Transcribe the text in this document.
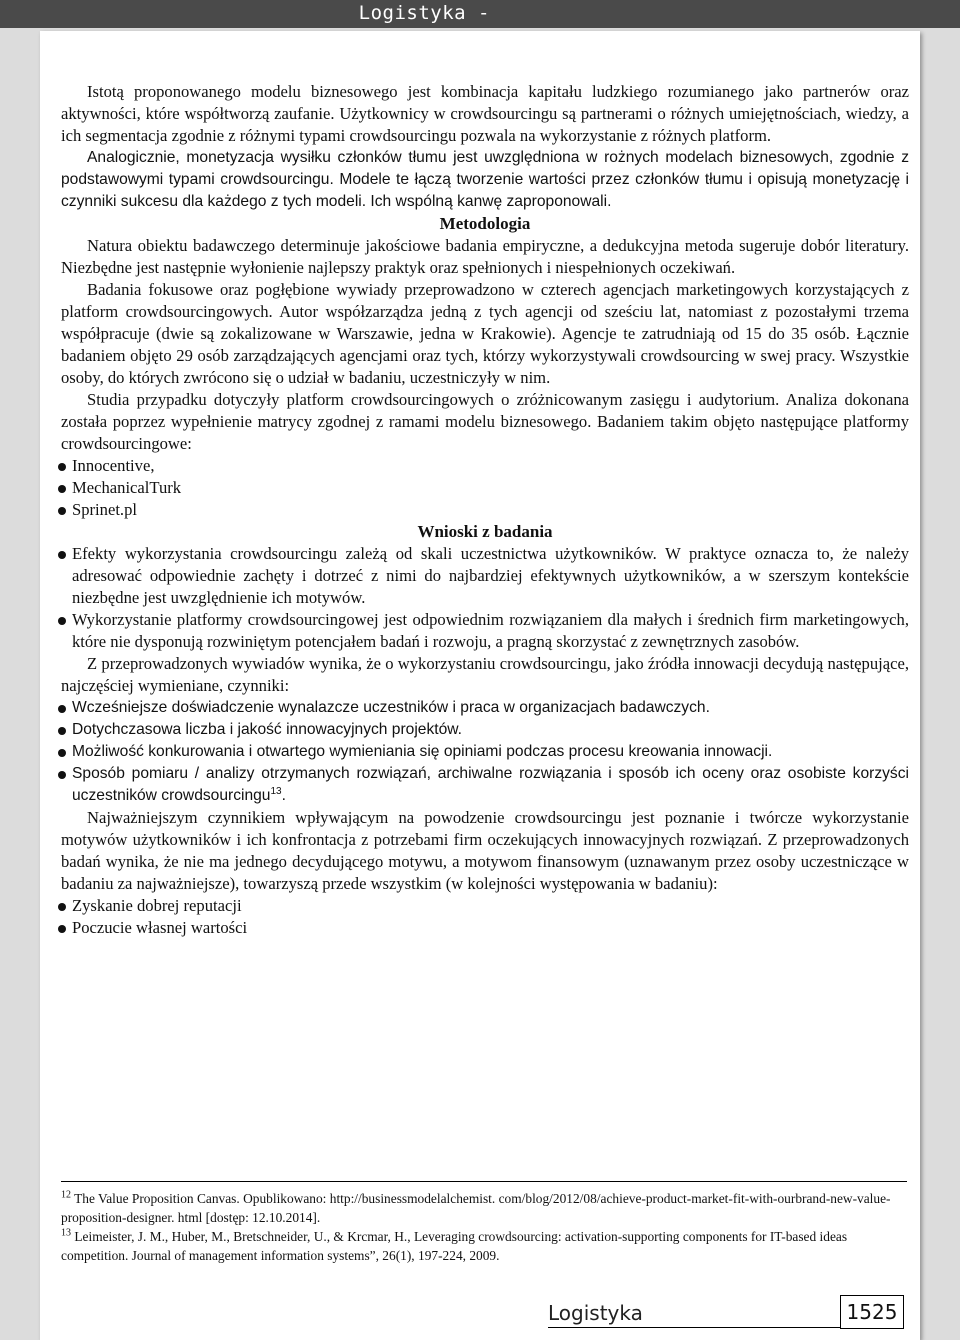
Logistyka -

Istotą proponowanego modelu biznesowego jest kombinacja kapitału ludzkiego rozumianego jako partnerów oraz aktywności, które współtworzą zaufanie. Użytkownicy w crowdsourcingu są partnerami o różnych umiejętnościach, wiedzy, a ich segmentacja zgodnie z różnymi typami crowdsourcingu pozwala na wykorzystanie z różnych platform.

Analogicznie, monetyzacja wysiłku członków tłumu jest uwzględniona w rożnych modelach biznesowych, zgodnie z podstawowymi typami crowdsourcingu. Modele te łączą tworzenie wartości przez członków tłumu i opisują monetyzację i czynniki sukcesu dla każdego z tych modeli. Ich wspólną kanwę zaproponowali.

Metodologia

Natura obiektu badawczego determinuje jakościowe badania empiryczne, a dedukcyjna metoda sugeruje dobór literatury. Niezbędne jest następnie wyłonienie najlepszy praktyk oraz spełnionych i niespełnionych oczekiwań.

Badania fokusowe oraz pogłębione wywiady przeprowadzono w czterech agencjach marketingowych korzystających z platform crowdsourcingowych. Autor współzarządza jedną z tych agencji od sześciu lat, natomiast z pozostałymi trzema współpracuje (dwie są zokalizowane w Warszawie, jedna w Krakowie). Agencje te zatrudniają od 15 do 35 osób. Łącznie badaniem objęto 29 osób zarządzających agencjami oraz tych, którzy wykorzystywali crowdsourcing w swej pracy. Wszystkie osoby, do których zwrócono się o udział w badaniu, uczestniczyły w nim.

Studia przypadku dotyczyły platform crowdsourcingowych o zróżnicowanym zasięgu i audytorium. Analiza dokonana została poprzez wypełnienie matrycy zgodnej z ramami modelu biznesowego. Badaniem takim objęto następujące platformy crowdsourcingowe:

Innocentive,
MechanicalTurk
Sprinet.pl

Wnioski z badania

Efekty wykorzystania crowdsourcingu zależą od skali uczestnictwa użytkowników. W praktyce oznacza to, że należy adresować odpowiednie zachęty i dotrzeć z nimi do najbardziej efektywnych użytkowników, a w szerszym kontekście niezbędne jest uwzględnienie ich motywów.
Wykorzystanie platformy crowdsourcingowej jest odpowiednim rozwiązaniem dla małych i średnich firm marketingowych, które nie dysponują rozwiniętym potencjałem badań i rozwoju, a pragną skorzystać z zewnętrznych zasobów.

Z przeprowadzonych wywiadów wynika, że o wykorzystaniu crowdsourcingu, jako źródła innowacji decydują następujące, najczęściej wymieniane, czynniki:

Wcześniejsze doświadczenie wynalazcze uczestników i praca w organizacjach badawczych.
Dotychczasowa liczba i jakość innowacyjnych projektów.
Możliwość konkurowania i otwartego wymieniania się opiniami podczas procesu kreowania innowacji.
Sposób pomiaru / analizy otrzymanych rozwiązań, archiwalne rozwiązania i sposób ich oceny oraz osobiste korzyści uczestników crowdsourcingu$^{13}$.

Najważniejszym czynnikiem wpływającym na powodzenie crowdsourcingu jest poznanie i twórcze wykorzystanie motywów użytkowników i ich konfrontacja z potrzebami firm oczekujących innowacyjnych rozwiązań. Z przeprowadzonych badań wynika, że nie ma jednego decydującego motywu, a motywom finansowym (uznawanym przez osoby uczestniczące w badaniu za najważniejsze), towarzyszą przede wszystkim (w kolejności występowania w badaniu):

Zyskanie dobrej reputacji
Poczucie własnej wartości

$^{12}$ The Value Proposition Canvas. Opublikowano: http://businessmodelalchemist. com/blog/2012/08/achieve-product-market-fit-with-ourbrand-new-value-proposition-designer. html [dostęp: 12.10.2014].

$^{13}$ Leimeister, J. M., Huber, M., Bretschneider, U., & Krcmar, H., Leveraging crowdsourcing: activation-supporting components for IT-based ideas competition. Journal of management information systems”, 26(1), 197-224, 2009.

Logistyka	1525
